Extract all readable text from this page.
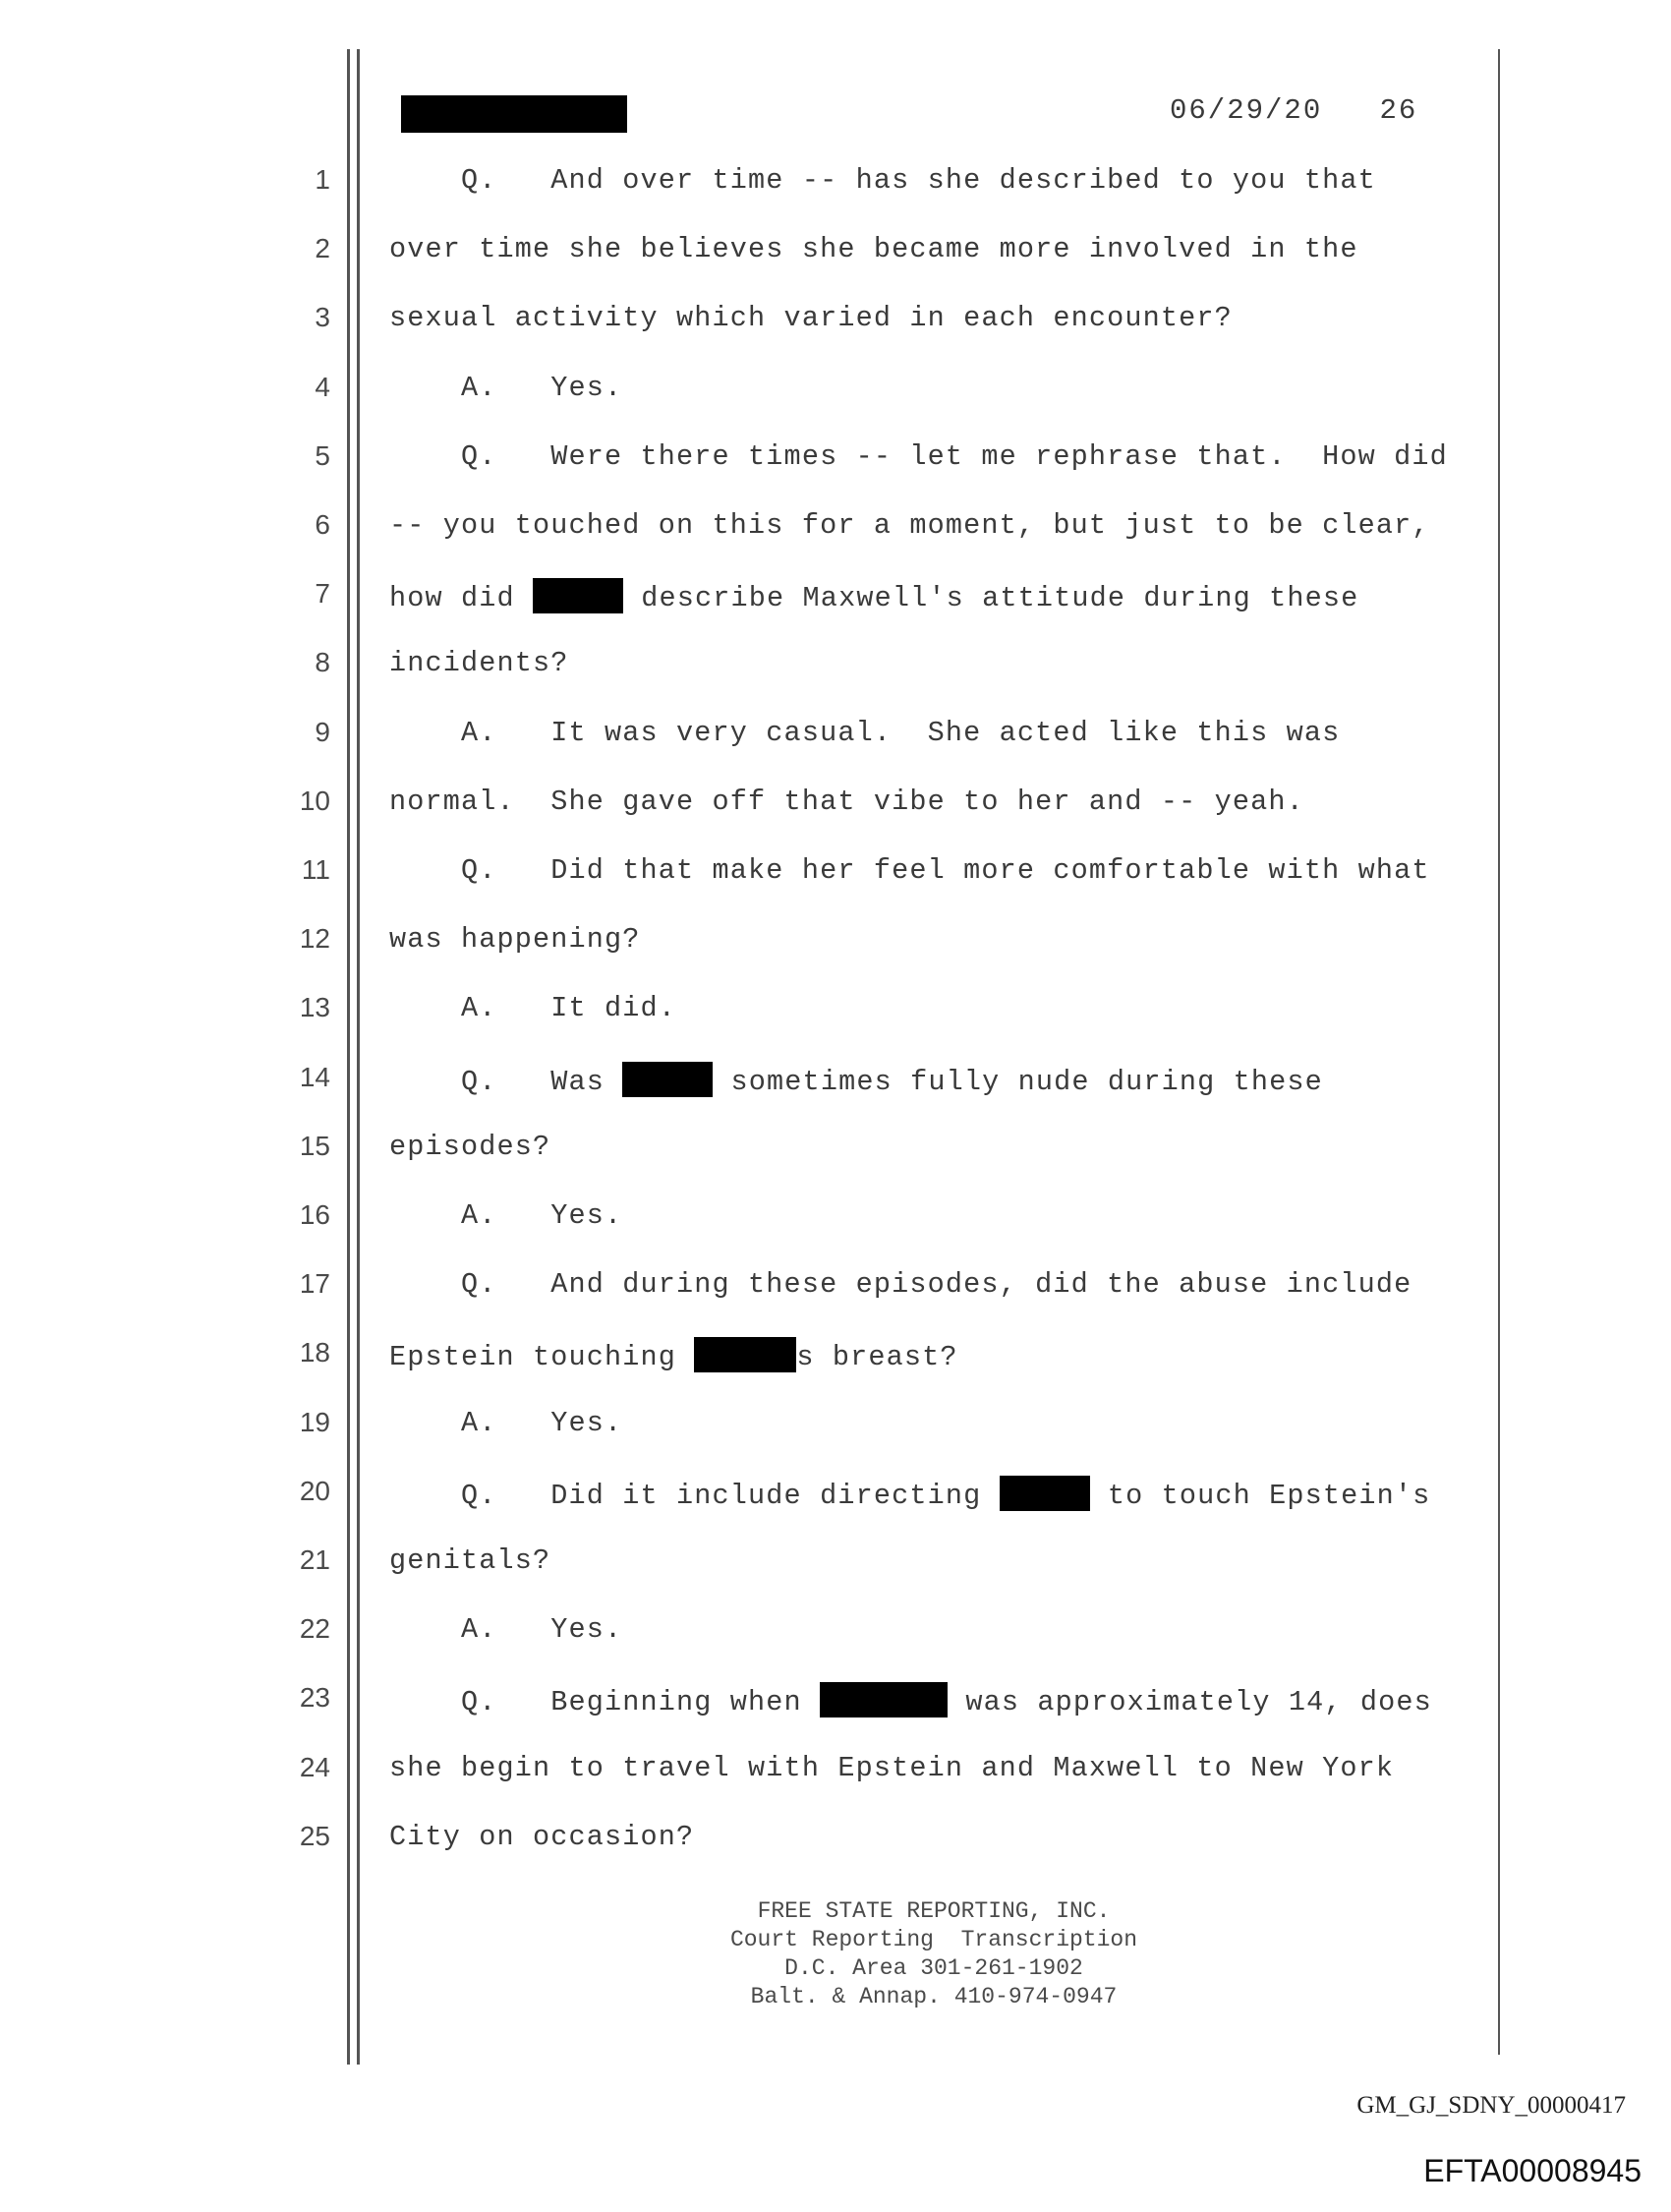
06/29/20 26
1 Q.   And over time -- has she described to you that
2 over time she believes she became more involved in the
3 sexual activity which varied in each encounter?
4 A.   Yes.
5 Q.   Were there times -- let me rephrase that.  How did
6 -- you touched on this for a moment, but just to be clear,
7 how did	describe Maxwell's attitude during these
8 incidents?
9 A.   It was very casual.  She acted like this was
10 normal.  She gave off that vibe to her and -- yeah.
11 Q.   Did that make her feel more comfortable with what
12 was happening?
13 A.   It did.
14 Q.   Was	sometimes fully nude during these
15 episodes?
16 A.   Yes.
17 Q.   And during these episodes, did the abuse include
18 Epstein touching	s breast?
19 A.   Yes.
20 Q.   Did it include directing	to touch Epstein's
21 genitals?
22 A.   Yes.
23 Q.   Beginning when	was approximately 14, does
24 she begin to travel with Epstein and Maxwell to New York
25 City on occasion?
FREE STATE REPORTING, INC.
Court Reporting  Transcription
D.C. Area 301-261-1902
Balt. & Annap. 410-974-0947
GM_GJ_SDNY_00000417
EFTA00008945
